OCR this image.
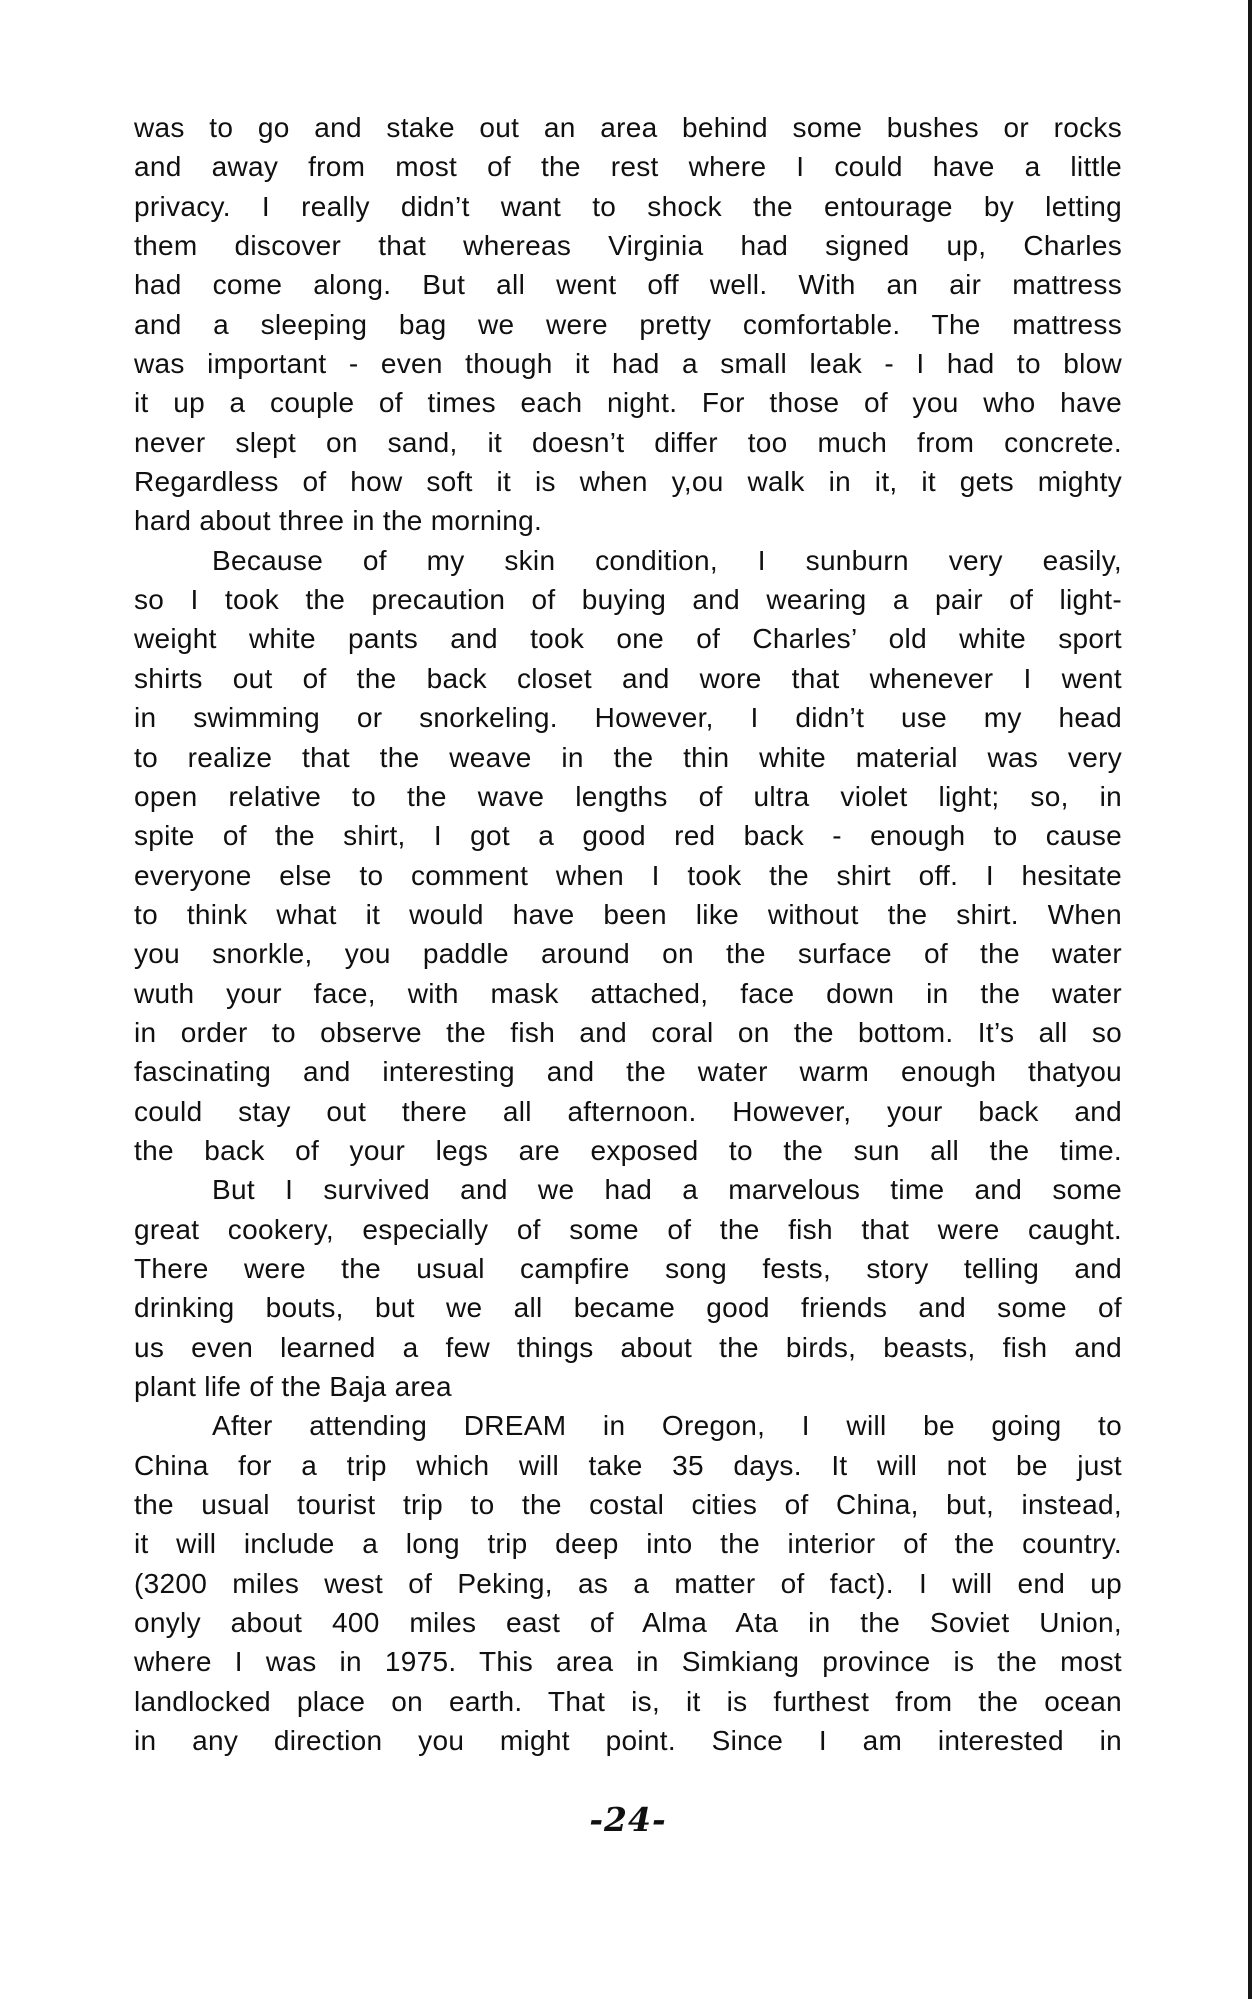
was to go and stake out an area behind some bushes or rocks
and away from most of the rest where I could have a little
privacy. I really didn’t want to shock the entourage by letting
them discover that whereas Virginia had signed up, Charles
had come along. But all went off well. With an air mattress
and a sleeping bag we were pretty comfortable. The mattress
was important - even though it had a small leak - I had to blow
it up a couple of times each night. For those of you who have
never slept on sand, it doesn’t differ too much from concrete.
Regardless of how soft it is when y,ou walk in it, it gets mighty
hard about three in the morning.
Because of my skin condition, I sunburn very easily,
so I took the precaution of buying and wearing a pair of light-
weight white pants and took one of Charles’ old white sport
shirts out of the back closet and wore that whenever I went
in swimming or snorkeling. However, I didn’t use my head
to realize that the weave in the thin white material was very
open relative to the wave lengths of ultra violet light; so, in
spite of the shirt, I got a good red back - enough to cause
everyone else to comment when I took the shirt off. I hesitate
to think what it would have been like without the shirt. When
you snorkle, you paddle around on the surface of the water
wuth your face, with mask attached, face down in the water
in order to observe the fish and coral on the bottom. It’s all so
fascinating and interesting and the water warm enough thatyou
could stay out there all afternoon. However, your back and
the back of your legs are exposed to the sun all the time.
But I survived and we had a marvelous time and some
great cookery, especially of some of the fish that were caught.
There were the usual campfire song fests, story telling and
drinking bouts, but we all became good friends and some of
us even learned a few things about the birds, beasts, fish and
plant life of the Baja area
After attending DREAM in Oregon, I will be going to
China for a trip which will take 35 days. It will not be just
the usual tourist trip to the costal cities of China, but, instead,
it will include a long trip deep into the interior of the country.
(3200 miles west of Peking, as a matter of fact). I will end up
onyly about 400 miles east of Alma Ata in the Soviet Union,
where I was in 1975. This area in Simkiang province is the most
landlocked place on earth. That is, it is furthest from the ocean
in any direction you might point. Since I am interested in
-24-
